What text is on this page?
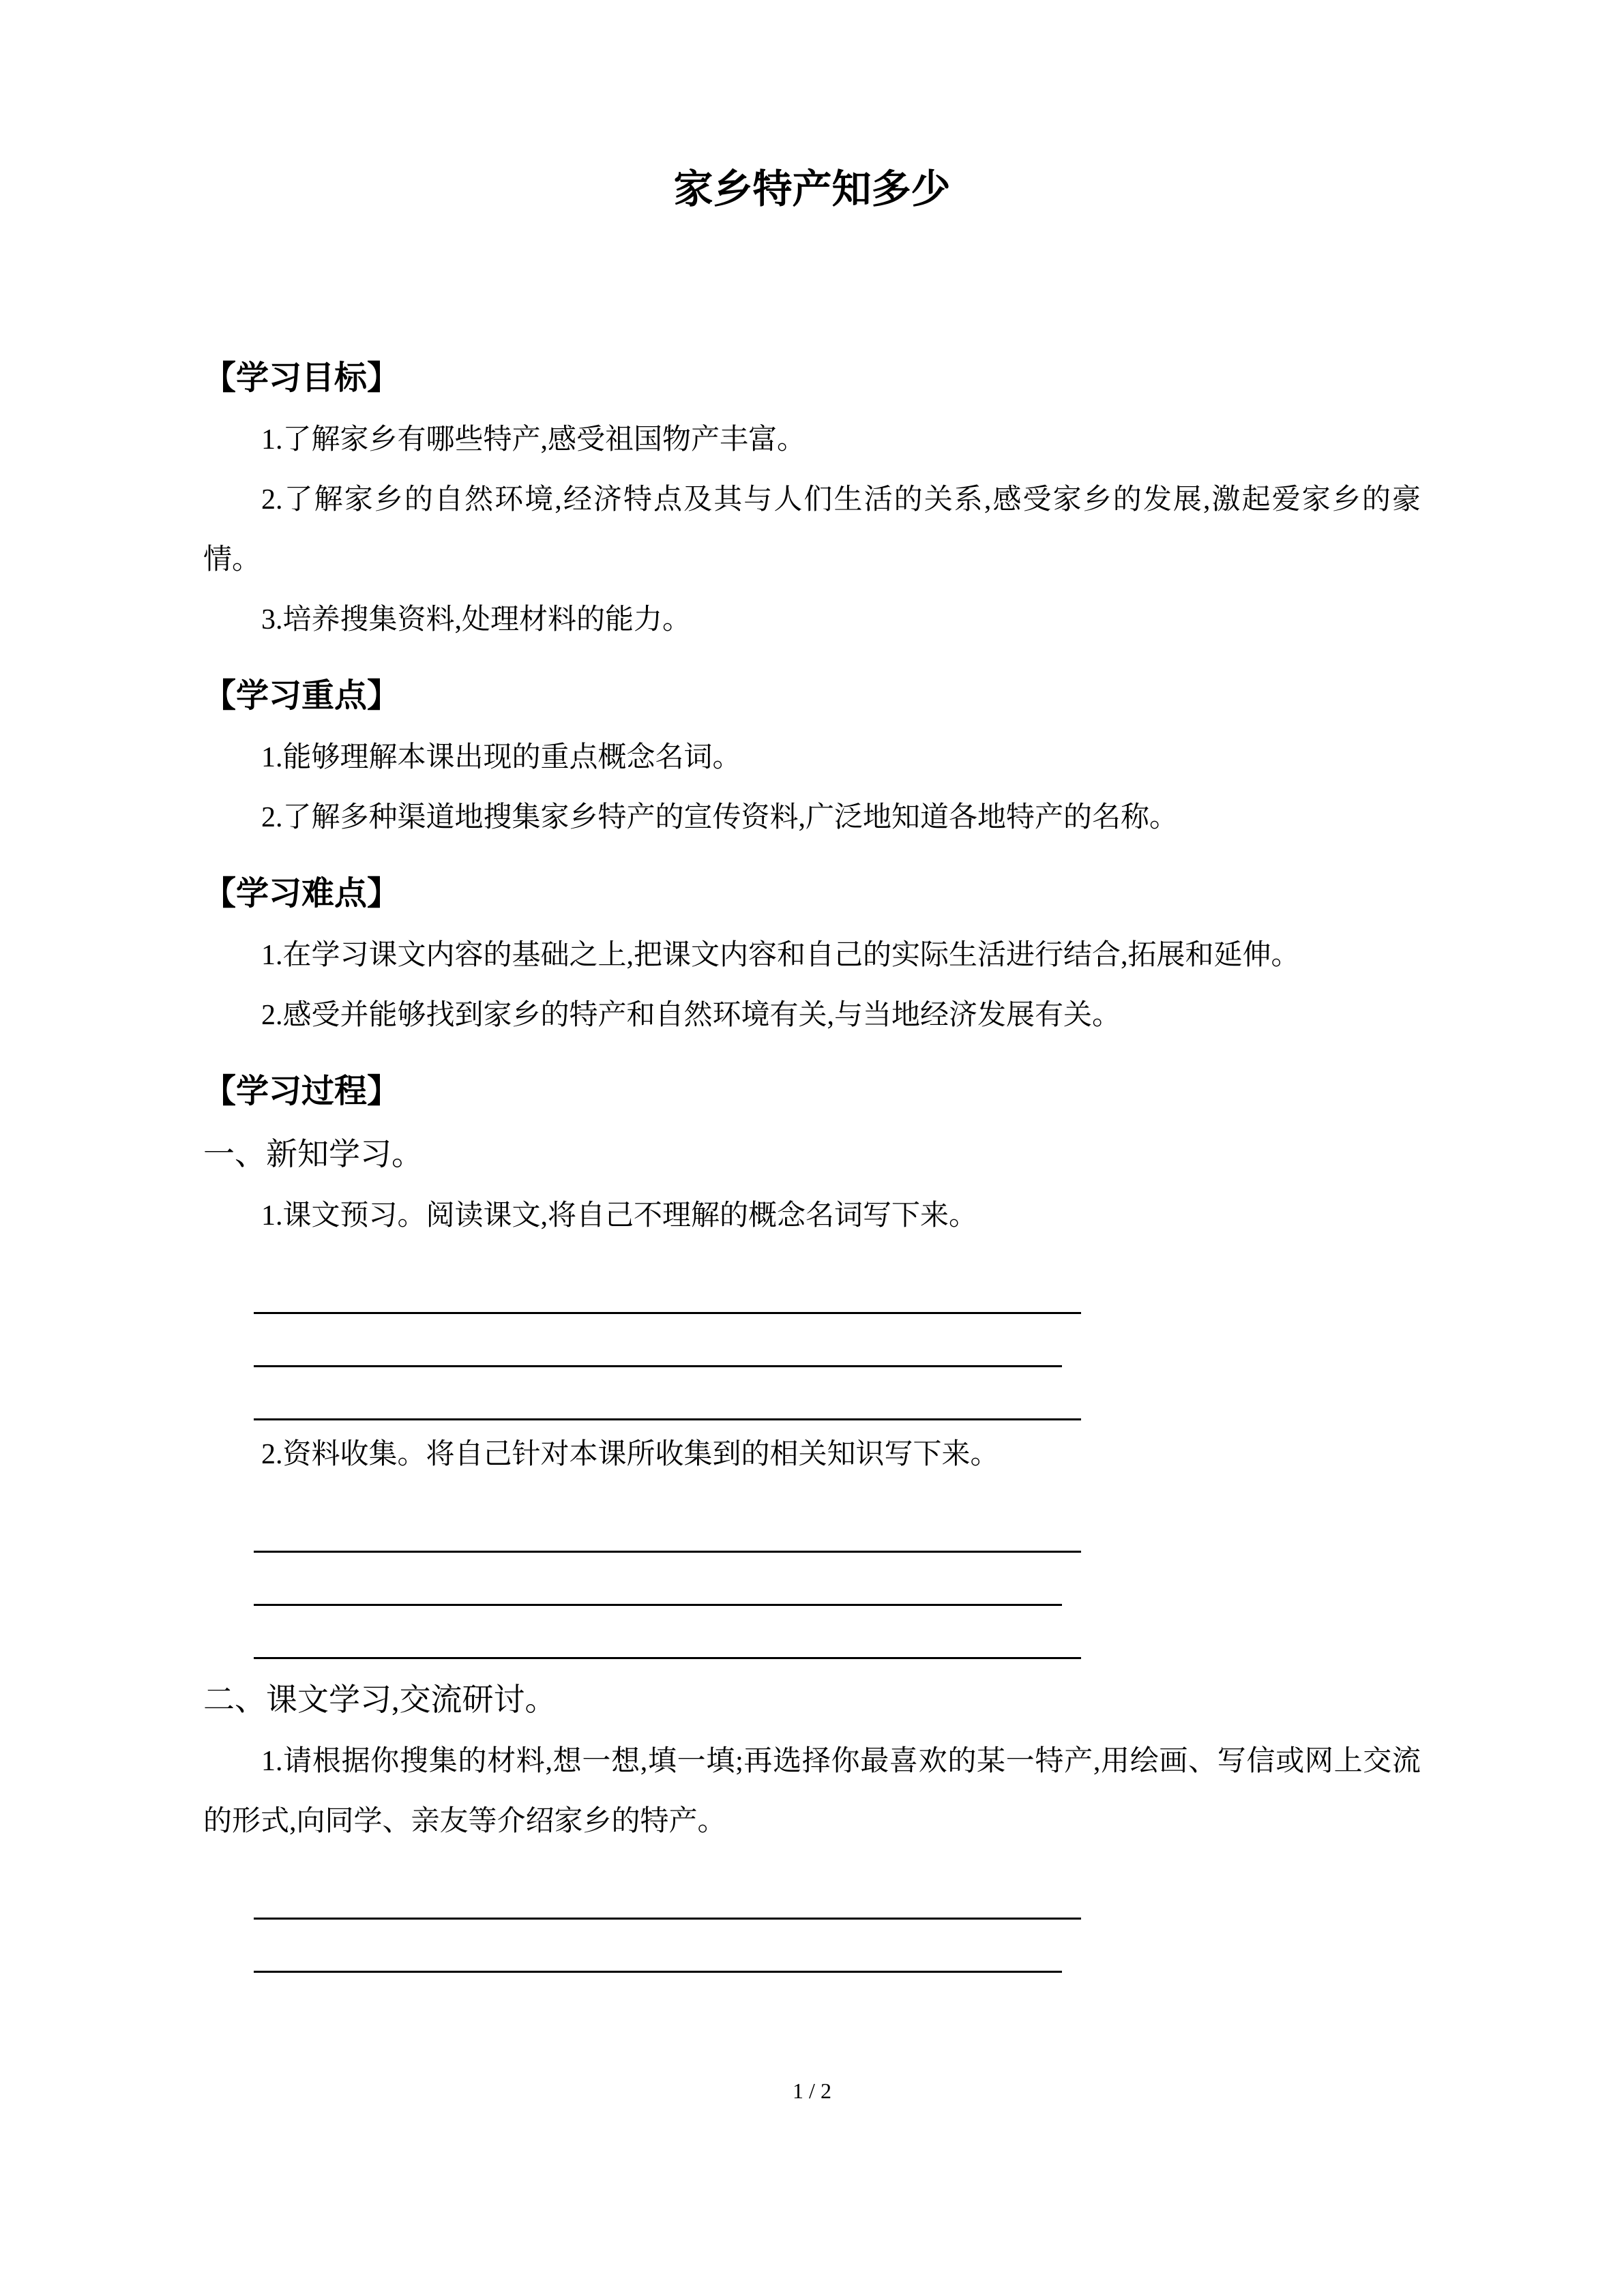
家乡特产知多少
【学习目标】

1.了解家乡有哪些特产,感受祖国物产丰富。

2.了解家乡的自然环境,经济特点及其与人们生活的关系,感受家乡的发展,激起爱家乡的豪情。

3.培养搜集资料,处理材料的能力。

【学习重点】

1.能够理解本课出现的重点概念名词。

2.了解多种渠道地搜集家乡特产的宣传资料,广泛地知道各地特产的名称。

【学习难点】

1.在学习课文内容的基础之上,把课文内容和自己的实际生活进行结合,拓展和延伸。

2.感受并能够找到家乡的特产和自然环境有关,与当地经济发展有关。

【学习过程】

一、新知学习。

1.课文预习。阅读课文,将自己不理解的概念名词写下来。

2.资料收集。将自己针对本课所收集到的相关知识写下来。

二、课文学习,交流研讨。

1.请根据你搜集的材料,想一想,填一填;再选择你最喜欢的某一特产,用绘画、写信或网上交流的形式,向同学、亲友等介绍家乡的特产。

1 / 2
